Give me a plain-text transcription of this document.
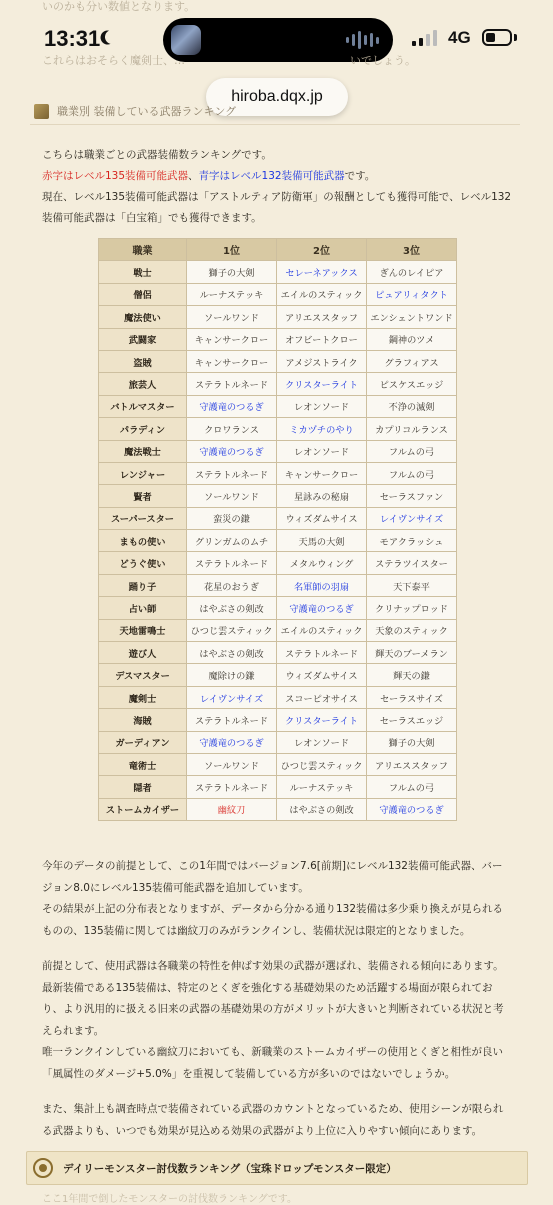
いのかも分い数値となります。
13:31	4G
これらはおそらく魔剣士、…　　　　　　　　　　　　　　　いでしょう。
hiroba.dqx.jp
職業別 装備している武器ランキング

こちらは職業ごとの武器装備数ランキングです。

赤字はレベル135装備可能武器、青字はレベル132装備可能武器です。

現在、レベル135装備可能武器は「アストルティア防衛軍」の報酬としても獲得可能で、レベル132装備可能武器は「白宝箱」でも獲得できます。

職業	1位	2位	3位
戦士	獅子の大剣	セレーネアックス	ぎんのレイピア
僧侶	ルーナステッキ	エイルのスティック	ピュアリィタクト
魔法使い	ソールワンド	アリエススタッフ	エンシェントワンド
武闘家	キャンサークロー	オフビートクロー	鋼神のツメ
盗賊	キャンサークロー	アメジストライク	グラフィアス
旅芸人	ステラトルネード	クリスターライト	ピスケスエッジ
バトルマスター	守護竜のつるぎ	レオンソード	不浄の滅剣
パラディン	クロワランス	ミカヅチのやり	カプリコルランス
魔法戦士	守護竜のつるぎ	レオンソード	フルムの弓
レンジャー	ステラトルネード	キャンサークロー	フルムの弓
賢者	ソールワンド	星詠みの秘扇	セーラスファン
スーパースター	蛮災の鎌	ウィズダムサイス	レイヴンサイズ
まもの使い	グリンガムのムチ	天馬の大剣	モアクラッシュ
どうぐ使い	ステラトルネード	メタルウィング	ステラツイスター
踊り子	花星のおうぎ	名軍師の羽扇	天下泰平
占い師	はやぶさの剣改	守護竜のつるぎ	クリナップロッド
天地雷鳴士	ひつじ雲スティック	エイルのスティック	天象のスティック
遊び人	はやぶさの剣改	ステラトルネード	輝天のブーメラン
デスマスター	魔除けの鎌	ウィズダムサイス	輝天の鎌
魔剣士	レイヴンサイズ	スコーピオサイス	セーラスサイズ
海賊	ステラトルネード	クリスターライト	セーラスエッジ
ガーディアン	守護竜のつるぎ	レオンソード	獅子の大剣
竜術士	ソールワンド	ひつじ雲スティック	アリエススタッフ
隠者	ステラトルネード	ルーナステッキ	フルムの弓
ストームカイザー	幽紋刀	はやぶさの剣改	守護竜のつるぎ

今年のデータの前提として、この1年間ではバージョン7.6[前期]にレベル132装備可能武器、バージョン8.0にレベル135装備可能武器を追加しています。
その結果が上記の分布表となりますが、データから分かる通り132装備は多少乗り換えが見られるものの、135装備に関しては幽紋刀のみがランクインし、装備状況は限定的となりました。

前提として、使用武器は各職業の特性を伸ばす効果の武器が選ばれ、装備される傾向にあります。
最新装備である135装備は、特定のとくぎを強化する基礎効果のため活躍する場面が限られており、より汎用的に扱える旧来の武器の基礎効果の方がメリットが大きいと判断されている状況と考えられます。
唯一ランクインしている幽紋刀においても、新職業のストームカイザーの使用とくぎと相性が良い「風属性のダメージ+5.0%」を重視して装備している方が多いのではないでしょうか。

また、集計上も調査時点で装備されている武器のカウントとなっているため、使用シーンが限られる武器よりも、いつでも効果が見込める効果の武器がより上位に入りやすい傾向にあります。

デイリーモンスター討伐数ランキング（宝珠ドロップモンスター限定）
ここ1年間で倒したモンスターの討伐数ランキングです。
